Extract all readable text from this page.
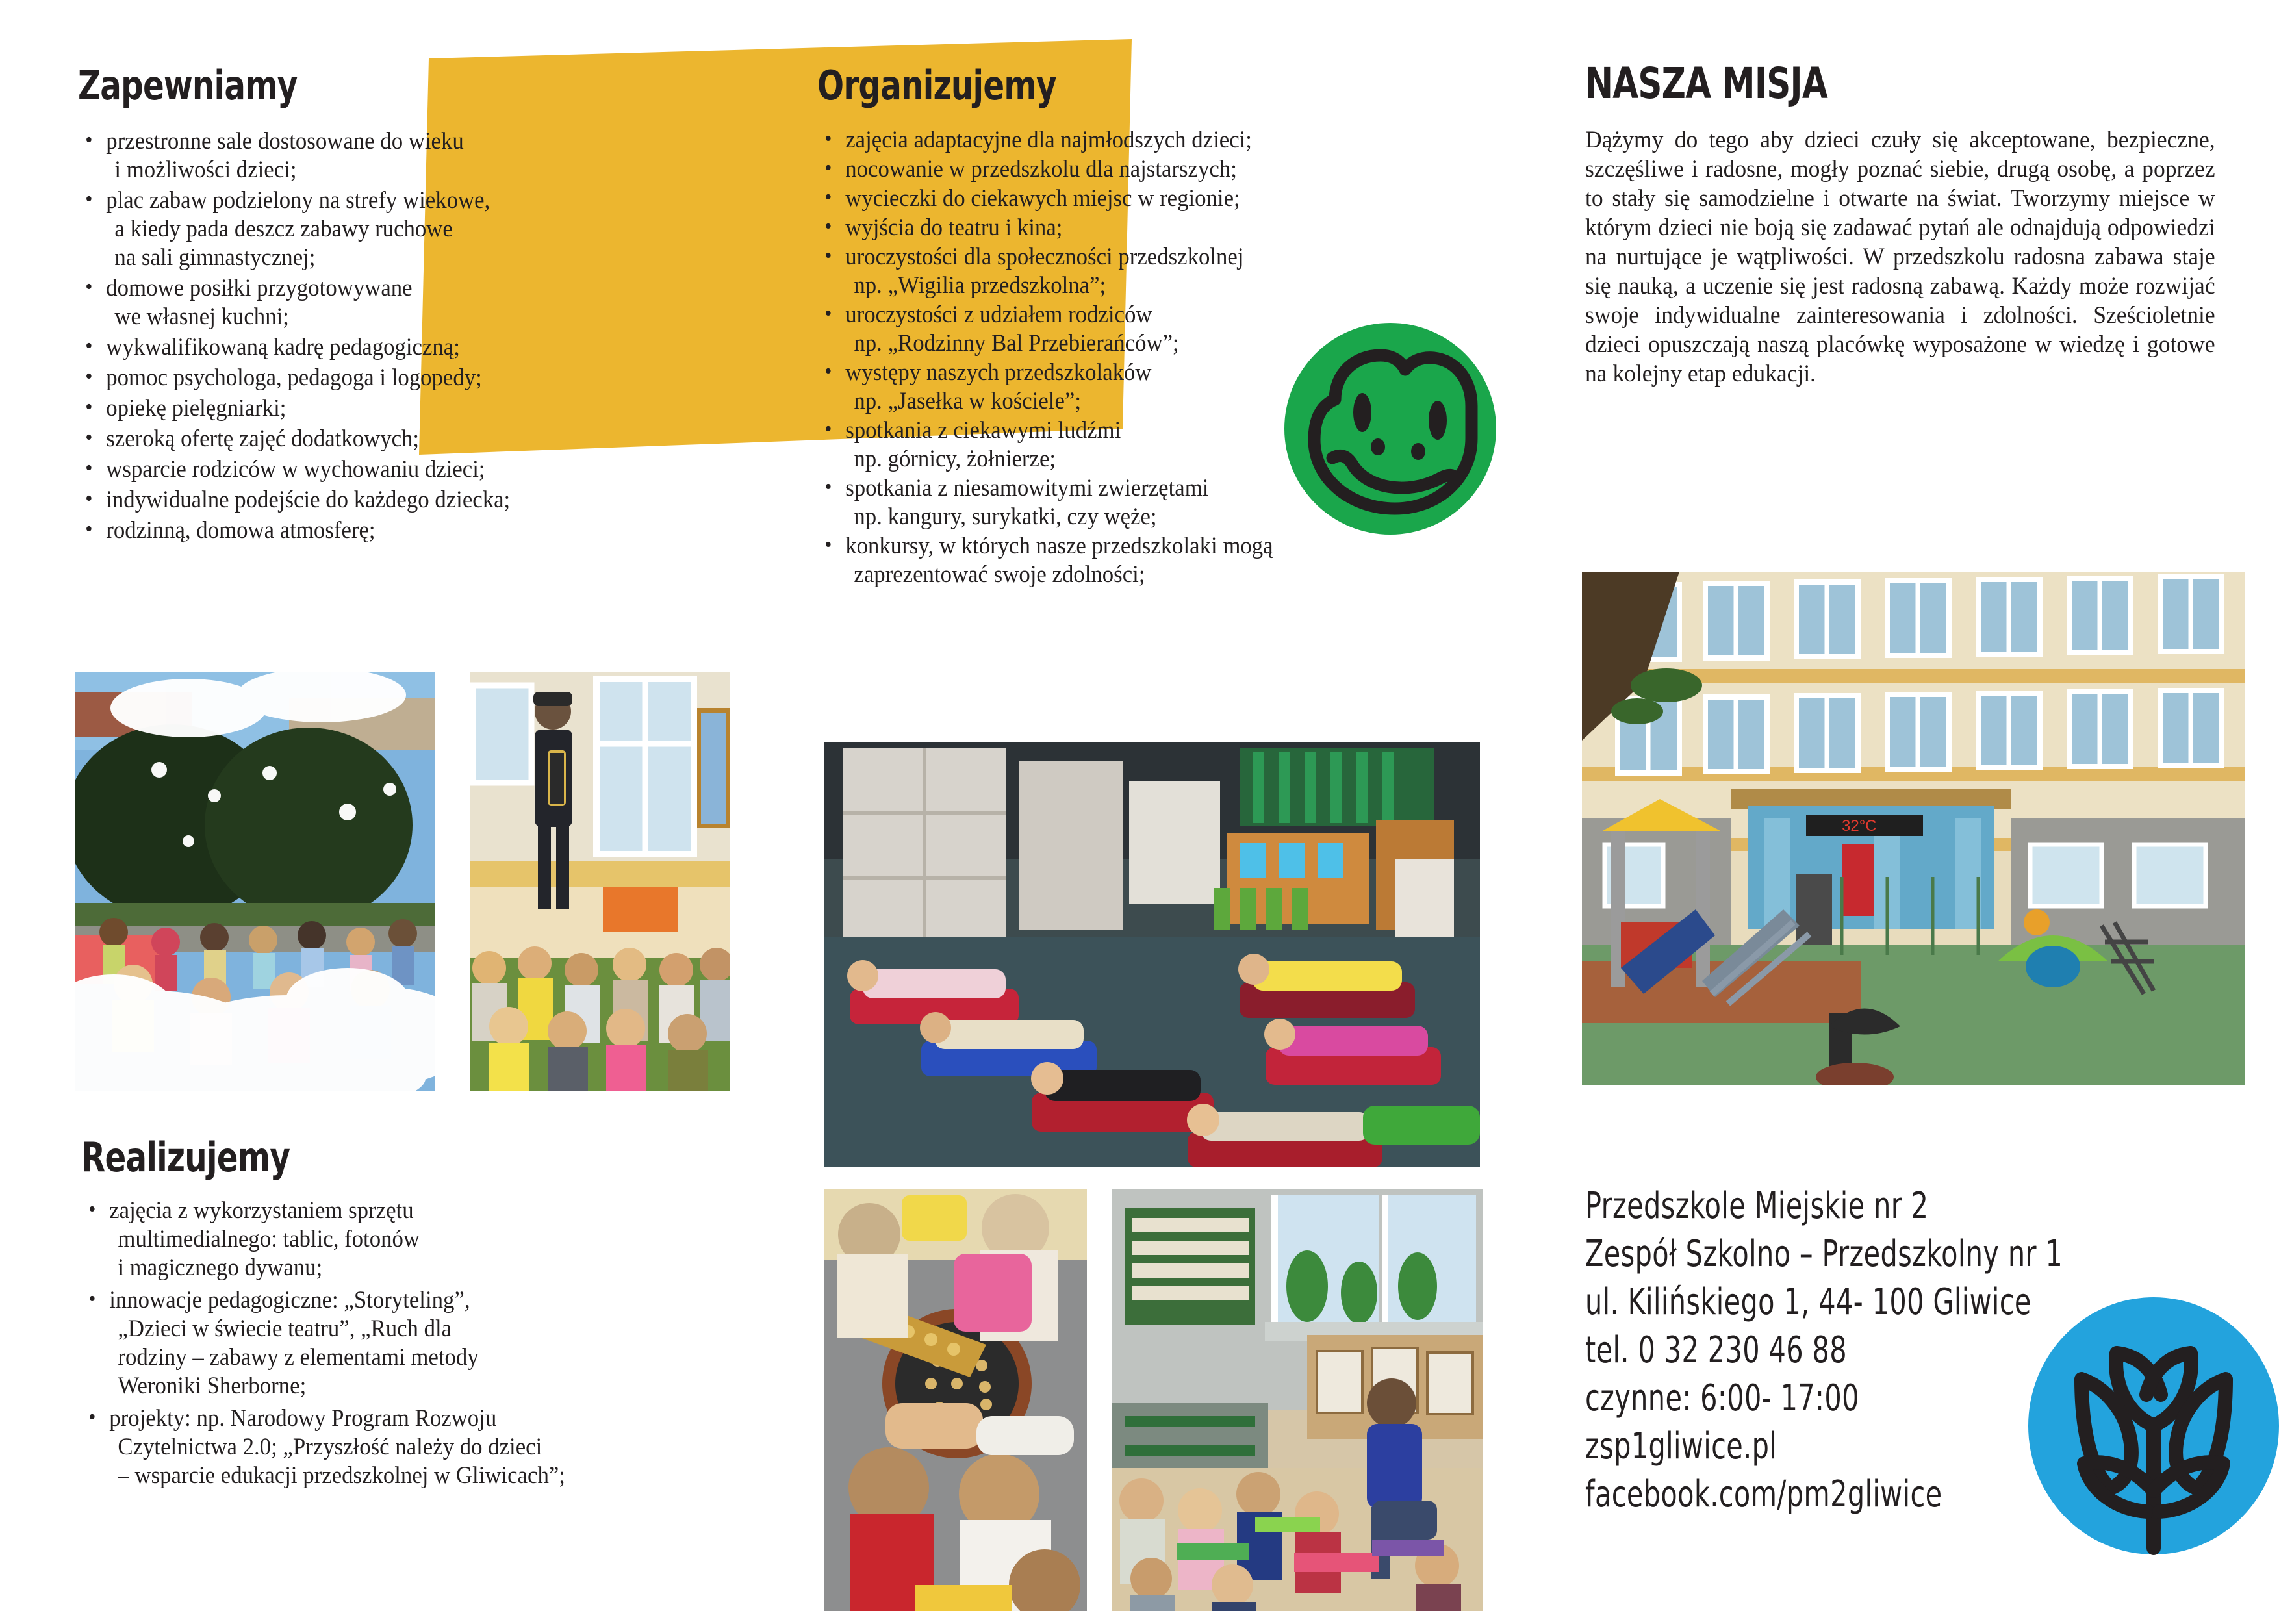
Zapewniamy
• przestronne sale dostosowane do wieku
i możliwości dzieci;
• plac zabaw podzielony na strefy wiekowe,
a kiedy pada deszcz zabawy ruchowe
na sali gimnastycznej;
• domowe posiłki przygotowywane
we własnej kuchni;
• wykwalifikowaną kadrę pedagogiczną;
• pomoc psychologa, pedagoga i logopedy;
• opiekę pielęgniarki;
• szeroką ofertę zajęć dodatkowych;
• wsparcie rodziców w wychowaniu dzieci;
• indywidualne podejście do każdego dziecka;
• rodzinną, domowa atmosferę;
Organizujemy
• zajęcia adaptacyjne dla najmłodszych dzieci;
• nocowanie w przedszkolu dla najstarszych;
• wycieczki do ciekawych miejsc w regionie;
• wyjścia do teatru i kina;
• uroczystości dla społeczności przedszkolnej
np. „Wigilia przedszkolna”;
• uroczystości z udziałem rodziców
np. „Rodzinny Bal Przebierańców”;
• występy naszych przedszkolaków
np. „Jasełka w kościele”;
• spotkania z ciekawymi ludźmi
np. górnicy, żołnierze;
• spotkania z niesamowitymi zwierzętami
np. kangury, surykatki, czy węże;
• konkursy, w których nasze przedszkolaki mogą
zaprezentować swoje zdolności;
NASZA MISJA
Dążymy do tego aby dzieci czuły się akceptowane, bezpieczne, szczęśliwe i radosne, mogły poznać siebie, drugą osobę, a poprzez to stały się samodzielne i otwarte na świat. Tworzymy miejsce w którym dzieci nie boją się zadawać pytań ale odnajdują odpowiedzi na nurtujące je wątpliwości. W przedszkolu radosna zabawa staje się nauką, a uczenie się jest radosną zabawą. Każdy może rozwijać swoje indywidualne zainteresowania i zdolności. Sześcioletnie dzieci opuszczają naszą placówkę wyposażone w wiedzę i gotowe na kolejny etap edukacji.
Realizujemy
• zajęcia z wykorzystaniem sprzętu
multimedialnego: tablic, fotonów
i magicznego dywanu;
• innowacje pedagogiczne: „Storyteling”,
„Dzieci w świecie teatru”, „Ruch dla
rodziny – zabawy z elementami metody
Weroniki Sherborne;
• projekty: np. Narodowy Program Rozwoju
Czytelnictwa 2.0; „Przyszłość należy do dzieci
– wsparcie edukacji przedszkolnej w Gliwicach”;
Przedszkole Miejskie nr 2
Zespół Szkolno – Przedszkolny nr 1
ul. Kilińskiego 1, 44- 100 Gliwice
tel. 0 32 230 46 88
czynne: 6:00- 17:00
zsp1gliwice.pl
facebook.com/pm2gliwice
32°C
